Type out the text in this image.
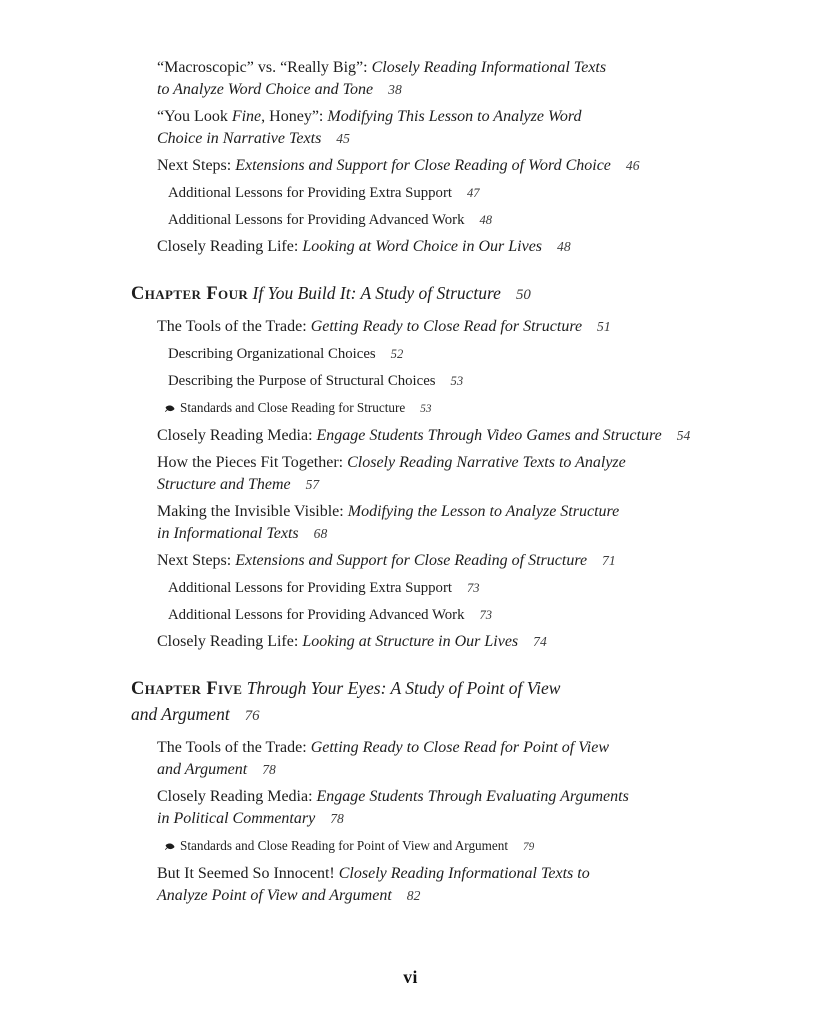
“Macroscopic” vs. “Really Big”: Closely Reading Informational Texts
to Analyze Word Choice and Tone 38
“You Look Fine, Honey”: Modifying This Lesson to Analyze Word
Choice in Narrative Texts 45
Next Steps: Extensions and Support for Close Reading of Word Choice 46
Additional Lessons for Providing Extra Support 47
Additional Lessons for Providing Advanced Work 48
Closely Reading Life: Looking at Word Choice in Our Lives 48
Chapter Four If You Build It: A Study of Structure 50
The Tools of the Trade: Getting Ready to Close Read for Structure 51
Describing Organizational Choices 52
Describing the Purpose of Structural Choices 53
Standards and Close Reading for Structure 53
Closely Reading Media: Engage Students Through Video Games and Structure 54
How the Pieces Fit Together: Closely Reading Narrative Texts to Analyze
Structure and Theme 57
Making the Invisible Visible: Modifying the Lesson to Analyze Structure
in Informational Texts 68
Next Steps: Extensions and Support for Close Reading of Structure 71
Additional Lessons for Providing Extra Support 73
Additional Lessons for Providing Advanced Work 73
Closely Reading Life: Looking at Structure in Our Lives 74
Chapter Five Through Your Eyes: A Study of Point of View
and Argument 76
The Tools of the Trade: Getting Ready to Close Read for Point of View
and Argument 78
Closely Reading Media: Engage Students Through Evaluating Arguments
in Political Commentary 78
Standards and Close Reading for Point of View and Argument 79
But It Seemed So Innocent! Closely Reading Informational Texts to
Analyze Point of View and Argument 82
vi
